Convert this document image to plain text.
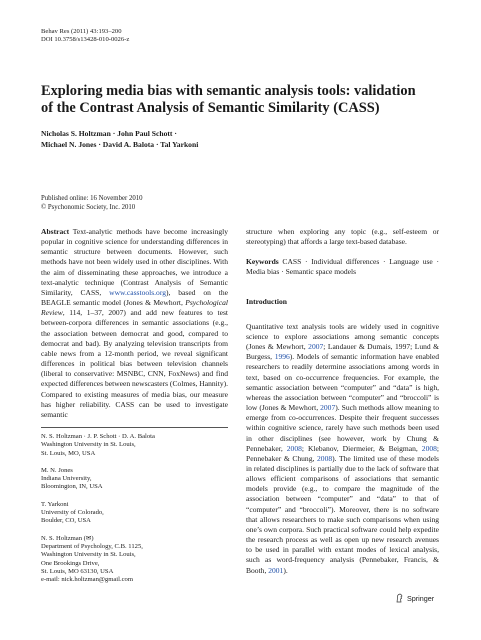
Behav Res (2011) 43:193–200
DOI 10.3758/s13428-010-0026-z
Exploring media bias with semantic analysis tools: validation
of the Contrast Analysis of Semantic Similarity (CASS)
Nicholas S. Holtzman · John Paul Schott ·
Michael N. Jones · David A. Balota · Tal Yarkoni
Published online: 16 November 2010
© Psychonomic Society, Inc. 2010

Abstract Text-analytic methods have become increasingly popular in cognitive science for understanding differences in semantic structure between documents. However, such methods have not been widely used in other disciplines. With the aim of disseminating these approaches, we introduce a text-analytic technique (Contrast Analysis of Semantic Similarity, CASS, www.casstools.org), based on the BEAGLE semantic model (Jones & Mewhort, Psychological Review, 114, 1–37, 2007) and add new features to test between-corpora differences in semantic associations (e.g., the association between democrat and good, compared to democrat and bad). By analyzing television transcripts from cable news from a 12-month period, we reveal significant differences in political bias between television channels (liberal to conservative: MSNBC, CNN, FoxNews) and find expected differences between newscasters (Colmes, Hannity). Compared to existing measures of media bias, our measure has higher reliability. CASS can be used to investigate semantic

N. S. Holtzman · J. P. Schott · D. A. Balota
Washington University in St. Louis,
St. Louis, MO, USA
M. N. Jones
Indiana University,
Bloomington, IN, USA
T. Yarkoni
University of Colorado,
Boulder, CO, USA
N. S. Holtzman (✉)
Department of Psychology, C.B. 1125,
Washington University in St. Louis,
One Brookings Drive,
St. Louis, MO 63130, USA
e-mail: nick.holtzman@gmail.com

structure when exploring any topic (e.g., self-esteem or stereotyping) that affords a large text-based database.

Keywords CASS · Individual differences · Language use · Media bias · Semantic space models

Introduction

Quantitative text analysis tools are widely used in cognitive science to explore associations among semantic concepts (Jones & Mewhort, 2007; Landauer & Dumais, 1997; Lund & Burgess, 1996). Models of semantic information have enabled researchers to readily determine associations among words in text, based on co-occurrence frequencies. For example, the semantic association between “computer” and “data” is high, whereas the association between “computer” and “broccoli” is low (Jones & Mewhort, 2007). Such methods allow meaning to emerge from co-occurrences. Despite their frequent successes within cognitive science, rarely have such methods been used in other disciplines (see however, work by Chung & Pennebaker, 2008; Klebanov, Diermeier, & Beigman, 2008; Pennebaker & Chung, 2008). The limited use of these models in related disciplines is partially due to the lack of software that allows efficient comparisons of associations that semantic models provide (e.g., to compare the magnitude of the association between “computer” and “data” to that of “computer” and “broccoli”). Moreover, there is no software that allows researchers to make such comparisons when using one’s own corpora. Such practical software could help expedite the research process as well as open up new research avenues to be used in parallel with extant modes of lexical analysis, such as word-frequency analysis (Pennebaker, Francis, & Booth, 2001).

Springer
